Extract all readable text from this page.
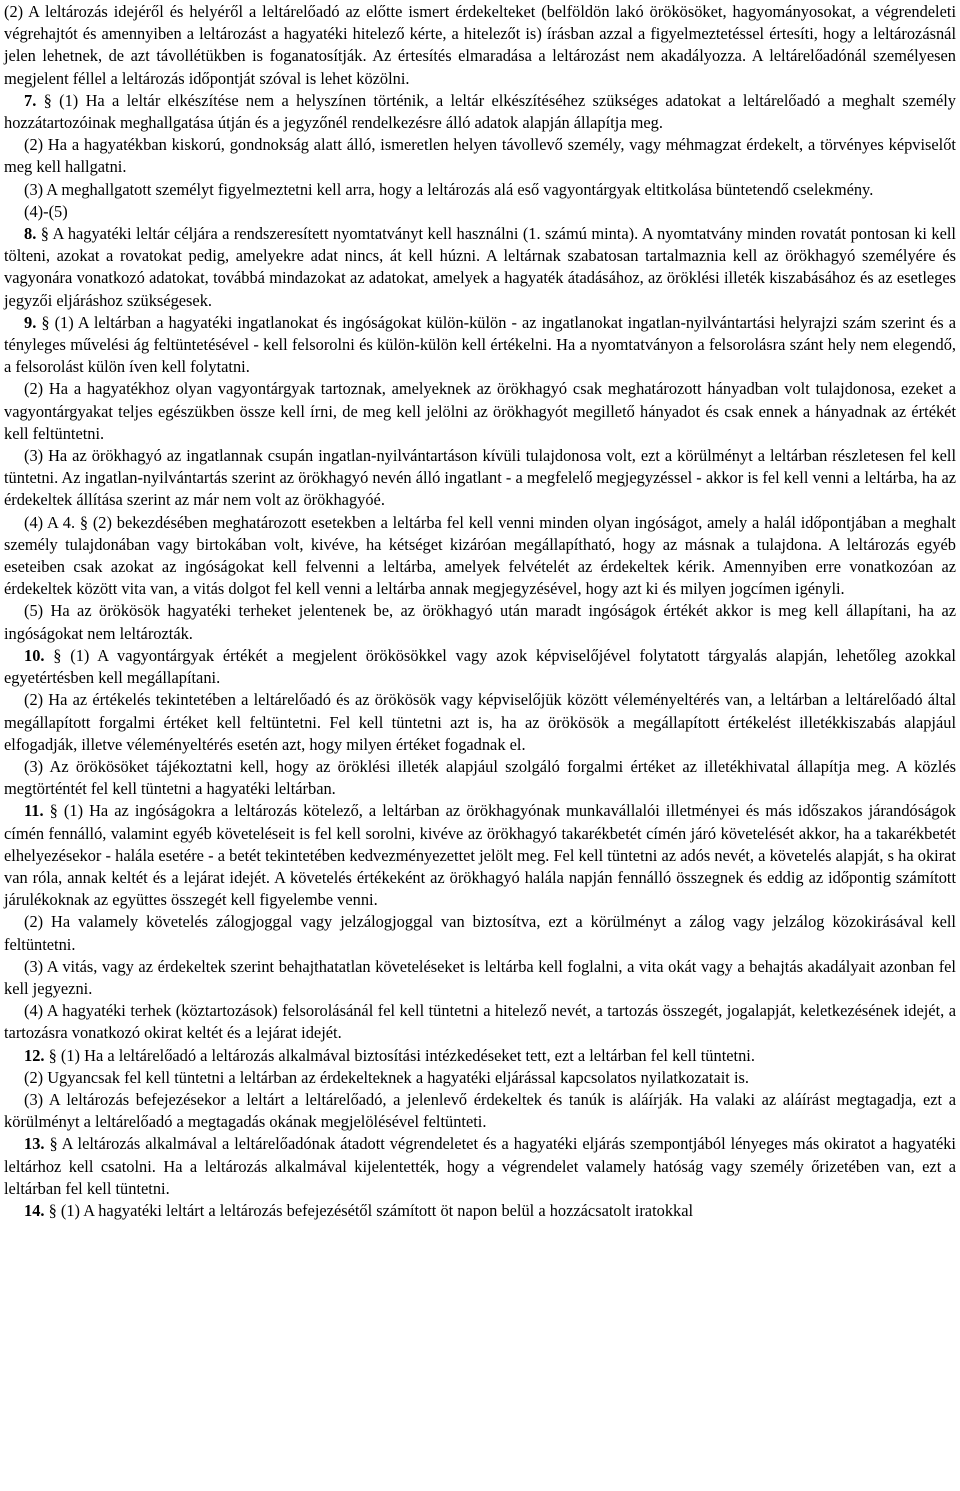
(2) A leltározás idejéről és helyéről a leltárelőadó az előtte ismert érdekelteket (belföldön lakó örökösöket, hagyományosokat, a végrendeleti végrehajtót és amennyiben a leltározást a hagyatéki hitelező kérte, a hitelezőt is) írásban azzal a figyelmeztetéssel értesíti, hogy a leltározásnál jelen lehetnek, de azt távollétükben is foganatosítják. Az értesítés elmaradása a leltározást nem akadályozza. A leltárelőadónál személyesen megjelent féllel a leltározás időpontját szóval is lehet közölni.

7. § (1) Ha a leltár elkészítése nem a helyszínen történik, a leltár elkészítéséhez szükséges adatokat a leltárelőadó a meghalt személy hozzátartozóinak meghallgatása útján és a jegyzőnél rendelkezésre álló adatok alapján állapítja meg.

(2) Ha a hagyatékban kiskorú, gondnokság alatt álló, ismeretlen helyen távollevő személy, vagy méhmagzat érdekelt, a törvényes képviselőt meg kell hallgatni.

(3) A meghallgatott személyt figyelmeztetni kell arra, hogy a leltározás alá eső vagyontárgyak eltitkolása büntetendő cselekmény.

(4)-(5)

8. § A hagyatéki leltár céljára a rendszeresített nyomtatványt kell használni (1. számú minta). A nyomtatvány minden rovatát pontosan ki kell tölteni, azokat a rovatokat pedig, amelyekre adat nincs, át kell húzni. A leltárnak szabatosan tartalmaznia kell az örökhagyó személyére és vagyonára vonatkozó adatokat, továbbá mindazokat az adatokat, amelyek a hagyaték átadásához, az öröklési illeték kiszabásához és az esetleges jegyzői eljáráshoz szükségesek.

9. § (1) A leltárban a hagyatéki ingatlanokat és ingóságokat külön-külön - az ingatlanokat ingatlan-nyilvántartási helyrajzi szám szerint és a tényleges művelési ág feltüntetésével - kell felsorolni és külön-külön kell értékelni. Ha a nyomtatványon a felsorolásra szánt hely nem elegendő, a felsorolást külön íven kell folytatni.

(2) Ha a hagyatékhoz olyan vagyontárgyak tartoznak, amelyeknek az örökhagyó csak meghatározott hányadban volt tulajdonosa, ezeket a vagyontárgyakat teljes egészükben össze kell írni, de meg kell jelölni az örökhagyót megillető hányadot és csak ennek a hányadnak az értékét kell feltüntetni.

(3) Ha az örökhagyó az ingatlannak csupán ingatlan-nyilvántartáson kívüli tulajdonosa volt, ezt a körülményt a leltárban részletesen fel kell tüntetni. Az ingatlan-nyilvántartás szerint az örökhagyó nevén álló ingatlant - a megfelelő megjegyzéssel - akkor is fel kell venni a leltárba, ha az érdekeltek állítása szerint az már nem volt az örökhagyóé.

(4) A 4. § (2) bekezdésében meghatározott esetekben a leltárba fel kell venni minden olyan ingóságot, amely a halál időpontjában a meghalt személy tulajdonában vagy birtokában volt, kivéve, ha kétséget kizáróan megállapítható, hogy az másnak a tulajdona. A leltározás egyéb eseteiben csak azokat az ingóságokat kell felvenni a leltárba, amelyek felvételét az érdekeltek kérik. Amennyiben erre vonatkozóan az érdekeltek között vita van, a vitás dolgot fel kell venni a leltárba annak megjegyzésével, hogy azt ki és milyen jogcímen igényli.

(5) Ha az örökösök hagyatéki terheket jelentenek be, az örökhagyó után maradt ingóságok értékét akkor is meg kell állapítani, ha az ingóságokat nem leltározták.

10. § (1) A vagyontárgyak értékét a megjelent örökösökkel vagy azok képviselőjével folytatott tárgyalás alapján, lehetőleg azokkal egyetértésben kell megállapítani.

(2) Ha az értékelés tekintetében a leltárelőadó és az örökösök vagy képviselőjük között véleményeltérés van, a leltárban a leltárelőadó által megállapított forgalmi értéket kell feltüntetni. Fel kell tüntetni azt is, ha az örökösök a megállapított értékelést illetékkiszabás alapjául elfogadják, illetve véleményeltérés esetén azt, hogy milyen értéket fogadnak el.

(3) Az örökösöket tájékoztatni kell, hogy az öröklési illeték alapjául szolgáló forgalmi értéket az illetékhivatal állapítja meg. A közlés megtörténtét fel kell tüntetni a hagyatéki leltárban.

11. § (1) Ha az ingóságokra a leltározás kötelező, a leltárban az örökhagyónak munkavállalói illetményei és más időszakos járandóságok címén fennálló, valamint egyéb követeléseit is fel kell sorolni, kivéve az örökhagyó takarékbetét címén járó követelését akkor, ha a takarékbetét elhelyezésekor - halála esetére - a betét tekintetében kedvezményezettet jelölt meg. Fel kell tüntetni az adós nevét, a követelés alapját, s ha okirat van róla, annak keltét és a lejárat idejét. A követelés értékeként az örökhagyó halála napján fennálló összegnek és eddig az időpontig számított járulékoknak az együttes összegét kell figyelembe venni.

(2) Ha valamely követelés zálogjoggal vagy jelzálogjoggal van biztosítva, ezt a körülményt a zálog vagy jelzálog közokirásával kell feltüntetni.

(3) A vitás, vagy az érdekeltek szerint behajthatatlan követeléseket is leltárba kell foglalni, a vita okát vagy a behajtás akadályait azonban fel kell jegyezni.

(4) A hagyatéki terhek (köztartozások) felsorolásánál fel kell tüntetni a hitelező nevét, a tartozás összegét, jogalapját, keletkezésének idejét, a tartozásra vonatkozó okirat keltét és a lejárat idejét.

12. § (1) Ha a leltárelőadó a leltározás alkalmával biztosítási intézkedéseket tett, ezt a leltárban fel kell tüntetni.

(2) Ugyancsak fel kell tüntetni a leltárban az érdekelteknek a hagyatéki eljárással kapcsolatos nyilatkozatait is.

(3) A leltározás befejezésekor a leltárt a leltárelőadó, a jelenlevő érdekeltek és tanúk is aláírják. Ha valaki az aláírást megtagadja, ezt a körülményt a leltárelőadó a megtagadás okának megjelölésével feltünteti.

13. § A leltározás alkalmával a leltárelőadónak átadott végrendeletet és a hagyatéki eljárás szempontjából lényeges más okiratot a hagyatéki leltárhoz kell csatolni. Ha a leltározás alkalmával kijelentették, hogy a végrendelet valamely hatóság vagy személy őrizetében van, ezt a leltárban fel kell tüntetni.

14. § (1) A hagyatéki leltárt a leltározás befejezésétől számított öt napon belül a hozzácsatolt iratokkal
